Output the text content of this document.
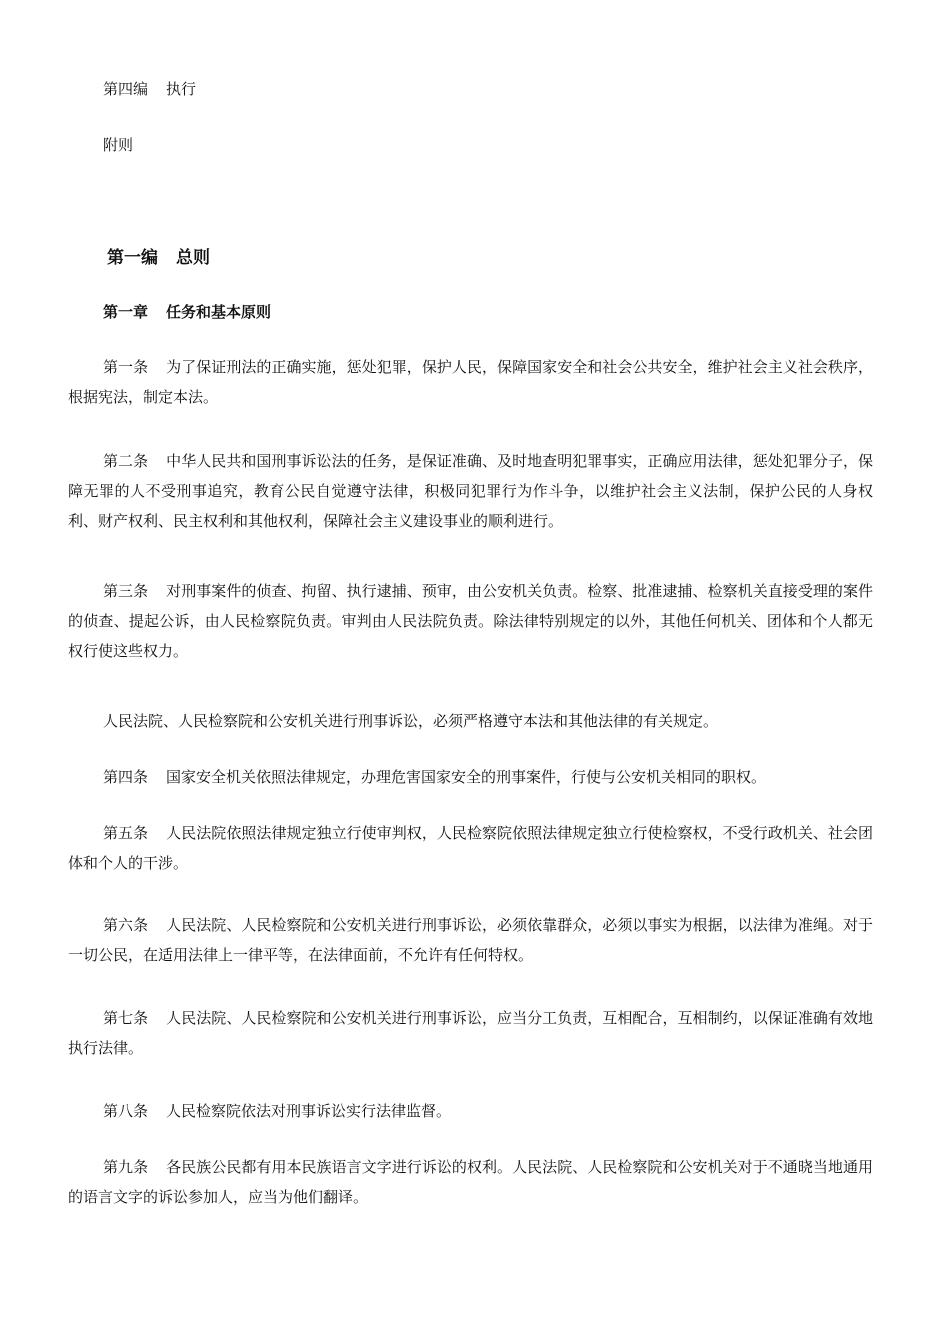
第四编 执行
附则
第一编 总则
第一章 任务和基本原则

第一条 为了保证刑法的正确实施，惩处犯罪，保护人民，保障国家安全和社会公共安全，维护社会主义社会秩序，根据宪法，制定本法。

第二条 中华人民共和国刑事诉讼法的任务，是保证准确、及时地查明犯罪事实，正确应用法律，惩处犯罪分子，保障无罪的人不受刑事追究，教育公民自觉遵守法律，积极同犯罪行为作斗争，以维护社会主义法制，保护公民的人身权利、财产权利、民主权利和其他权利，保障社会主义建设事业的顺利进行。

第三条 对刑事案件的侦查、拘留、执行逮捕、预审，由公安机关负责。检察、批准逮捕、检察机关直接受理的案件的侦查、提起公诉，由人民检察院负责。审判由人民法院负责。除法律特别规定的以外，其他任何机关、团体和个人都无权行使这些权力。

人民法院、人民检察院和公安机关进行刑事诉讼，必须严格遵守本法和其他法律的有关规定。

第四条 国家安全机关依照法律规定，办理危害国家安全的刑事案件，行使与公安机关相同的职权。

第五条 人民法院依照法律规定独立行使审判权，人民检察院依照法律规定独立行使检察权，不受行政机关、社会团体和个人的干涉。

第六条 人民法院、人民检察院和公安机关进行刑事诉讼，必须依靠群众，必须以事实为根据，以法律为准绳。对于一切公民，在适用法律上一律平等，在法律面前，不允许有任何特权。

第七条 人民法院、人民检察院和公安机关进行刑事诉讼，应当分工负责，互相配合，互相制约，以保证准确有效地执行法律。

第八条 人民检察院依法对刑事诉讼实行法律监督。

第九条 各民族公民都有用本民族语言文字进行诉讼的权利。人民法院、人民检察院和公安机关对于不通晓当地通用的语言文字的诉讼参加人，应当为他们翻译。
